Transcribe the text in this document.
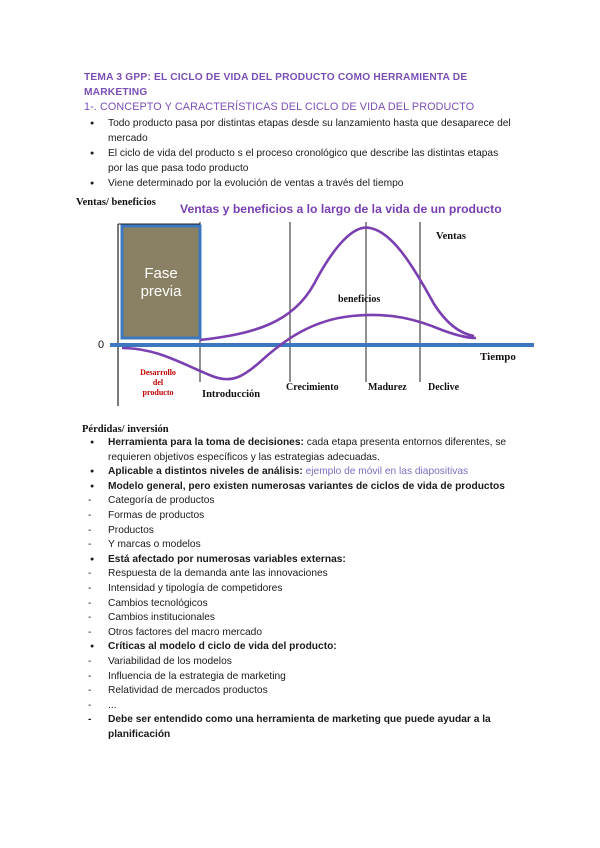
TEMA 3 GPP: EL CICLO DE VIDA DEL PRODUCTO COMO HERRAMIENTA DE MARKETING
1-. CONCEPTO Y CARACTERÍSTICAS DEL CICLO DE VIDA DEL PRODUCTO
● Todo producto pasa por distintas etapas desde su lanzamiento hasta que desaparece del mercado
● El ciclo de vida del producto s el proceso cronológico que describe las distintas etapas por las que pasa todo producto
● Viene determinado por la evolución de ventas a través del tiempo
Ventas/ beneficios Ventas y beneficios a lo largo de la vida de un producto
Fase
previa
0
Tiempo
Ventas
beneficios
Desarrollo
del
producto	Introducción
Crecimiento	Madurez Declive
Pérdidas/ inversión
● Herramienta para la toma de decisiones: cada etapa presenta entornos diferentes, se requieren objetivos específicos y las estrategias adecuadas.
● Aplicable a distintos niveles de análisis: ejemplo de móvil en las diapositivas
● Modelo general, pero existen numerosas variantes de ciclos de vida de productos
- Categoría de productos
- Formas de productos
- Productos
- Y marcas o modelos
● Está afectado por numerosas variables externas:
- Respuesta de la demanda ante las innovaciones
- Intensidad y tipología de competidores
- Cambios tecnológicos
- Cambios institucionales
- Otros factores del macro mercado
● Críticas al modelo d ciclo de vida del producto:
- Variabilidad de los modelos
- Influencia de la estrategia de marketing
- Relatividad de mercados productos
- ...
- Debe ser entendido como una herramienta de marketing que puede ayudar a la planificación
